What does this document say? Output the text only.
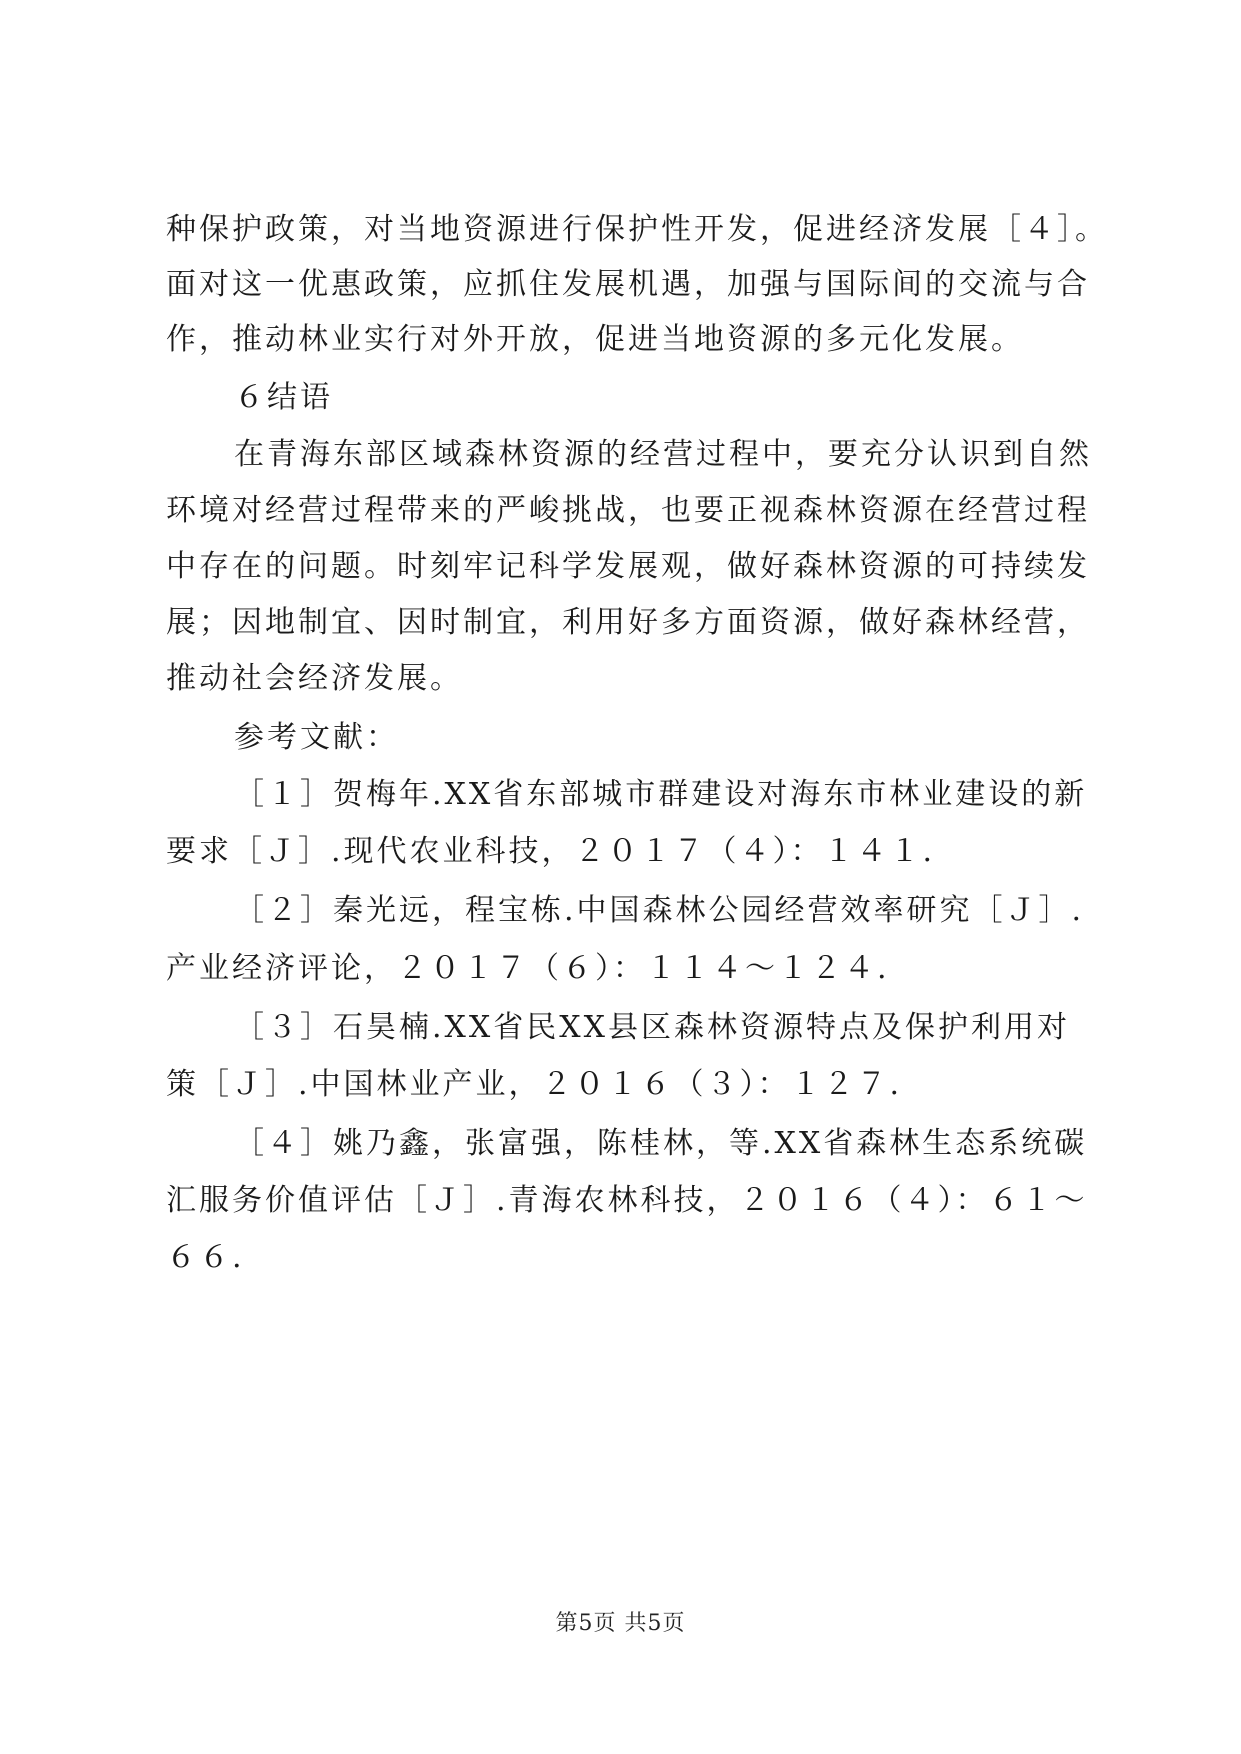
种保护政策，对当地资源进行保护性开发，促进经济发展［４］。
面对这一优惠政策，应抓住发展机遇，加强与国际间的交流与合
作，推动林业实行对外开放，促进当地资源的多元化发展。
６结语
在青海东部区域森林资源的经营过程中，要充分认识到自然
环境对经营过程带来的严峻挑战，也要正视森林资源在经营过程
中存在的问题。时刻牢记科学发展观，做好森林资源的可持续发
展；因地制宜、因时制宜，利用好多方面资源，做好森林经营，
推动社会经济发展。
参考文献：
［１］贺梅年.XX省东部城市群建设对海东市林业建设的新
要求［Ｊ］.现代农业科技，２０１７（４）：１４１.
［２］秦光远，程宝栋.中国森林公园经营效率研究［Ｊ］.
产业经济评论，２０１７（６）：１１４～１２４.
［３］石昊楠.XX省民XX县区森林资源特点及保护利用对
策［Ｊ］.中国林业产业，２０１６（３）：１２７.
［４］姚乃鑫，张富强，陈桂林，等.XX省森林生态系统碳
汇服务价值评估［Ｊ］.青海农林科技，２０１６（４）：６１～
６６.
第5页 共5页
